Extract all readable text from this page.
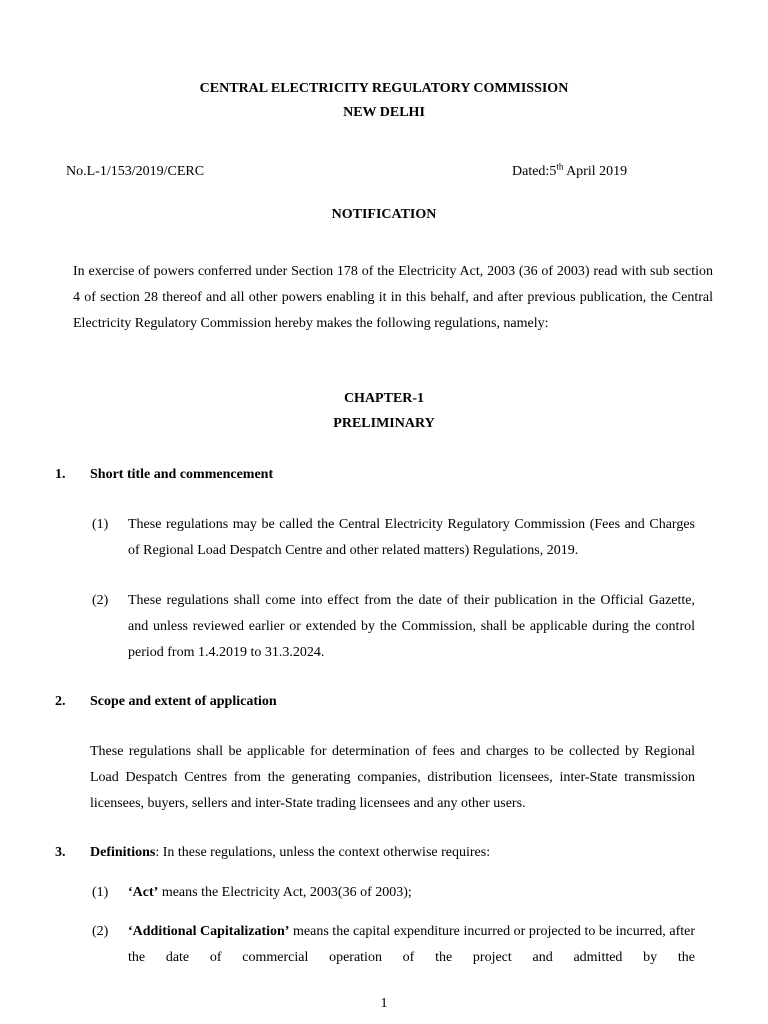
CENTRAL ELECTRICITY REGULATORY COMMISSION

NEW DELHI

No.L-1/153/2019/CERC	Dated:5th April 2019

NOTIFICATION

In exercise of powers conferred under Section 178 of the Electricity Act, 2003 (36 of 2003) read with sub section 4 of section 28 thereof and all other powers enabling it in this behalf, and after previous publication, the Central Electricity Regulatory Commission hereby makes the following regulations, namely:

CHAPTER-1

PRELIMINARY

1. Short title and commencement

(1) These regulations may be called the Central Electricity Regulatory Commission (Fees and Charges of Regional Load Despatch Centre and other related matters) Regulations, 2019.

(2) These regulations shall come into effect from the date of their publication in the Official Gazette, and unless reviewed earlier or extended by the Commission, shall be applicable during the control period from 1.4.2019 to 31.3.2024.

2. Scope and extent of application

These regulations shall be applicable for determination of fees and charges to be collected by Regional Load Despatch Centres from the generating companies, distribution licensees, inter-State transmission licensees, buyers, sellers and inter-State trading licensees and any other users.

3. Definitions: In these regulations, unless the context otherwise requires:

(1) ‘Act’ means the Electricity Act, 2003(36 of 2003);

(2) ‘Additional Capitalization’ means the capital expenditure incurred or projected to be incurred, after the date of commercial operation of the project and admitted by the

1
